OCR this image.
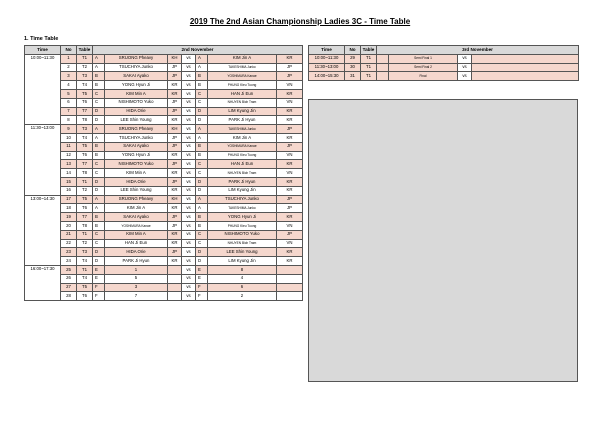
2019 The 2nd Asian Championship Ladies 3C - Time Table
1. Time Table
Time	No	Table	2nd November						
10:00~11:30	1	T1	A	SRUONG Pheavy	KH	vs	A	KIM Jin A	KR
	2	T2	A	TSUCHIYA Junko	JP	vs	A	TAKESHIMA Junko	JP
	3	T3	B	SAKAI Ayako	JP	vs	B	YOSHIMURA Kanae	JP
	4	T4	B	YONG Hyun Ji	KR	vs	B	PHUNG Kieu Tuong	VN
	5	T5	C	KIM Min A	KR	vs	C	HAN Ji Eun	KR
	6	T6	C	NISHIMOTO Yuko	JP	vs	C	NHUYEN Bich Tram	VN
	7	T7	D	HIDA Orie	JP	vs	D	LIM Kyung Jin	KR
	8	T8	D	LEE Shin Young	KR	vs	D	PARK Ji Hyun	KR
11:30~13:00	9	T3	A	SRUONG Pheavy	KH	vs	A	TAKESHIMA Junko	JP
	10	T4	A	TSUCHIYA Junko	JP	vs	A	KIM Jin A	KR
	11	T5	B	SAKAI Ayako	JP	vs	B	YOSHIMURA Kanae	JP
	12	T6	B	YONG Hyun Ji	KR	vs	B	PHUNG Kieu Tuong	VN
	13	T7	C	NISHIMOTO Yuko	JP	vs	C	HAN Ji Eun	KR
	14	T8	C	KIM Min A	KR	vs	C	NHUYEN Bich Tram	VN
	15	T1	D	HIDA Orie	JP	vs	D	PARK Ji Hyun	KR
	16	T2	D	LEE Shin Young	KR	vs	D	LIM Kyung Jin	KR
13:00~14:30	17	T5	A	SRUONG Pheavy	KH	vs	A	TSUCHIYA Junko	JP
	18	T6	A	KIM Jin A	KR	vs	A	TAKESHIMA Junko	JP
	19	T7	B	SAKAI Ayako	JP	vs	B	YONG Hyun Ji	KR
	20	T8	B	YOSHIMURA Kanae	JP	vs	B	PHUNG Kieu Tuong	VN
	21	T1	C	KIM Min A	KR	vs	C	NISHIMOTO Yuko	JP
	22	T2	C	HAN Ji Eun	KR	vs	C	NHUYEN Bich Tram	VN
	23	T3	D	HIDA Orie	JP	vs	D	LEE Shin Young	KR
	24	T4	D	PARK Ji Hyun	KR	vs	D	LIM Kyung Jin	KR
16:00~17:30	25	T1	E	1		vs	E	8	
	26	T4	E	5		vs	E	4	
	27	T5	F	3		vs	F	6	
	28	T6	F	7		vs	F	2	
Time	No	Table	3rd November			
10:00~11:30	29	T1		Semi Final 1	vs	
11:30~13:00	30	T1		Semi Final 2	vs	
14:00~15:30	31	T1		Final	vs	
